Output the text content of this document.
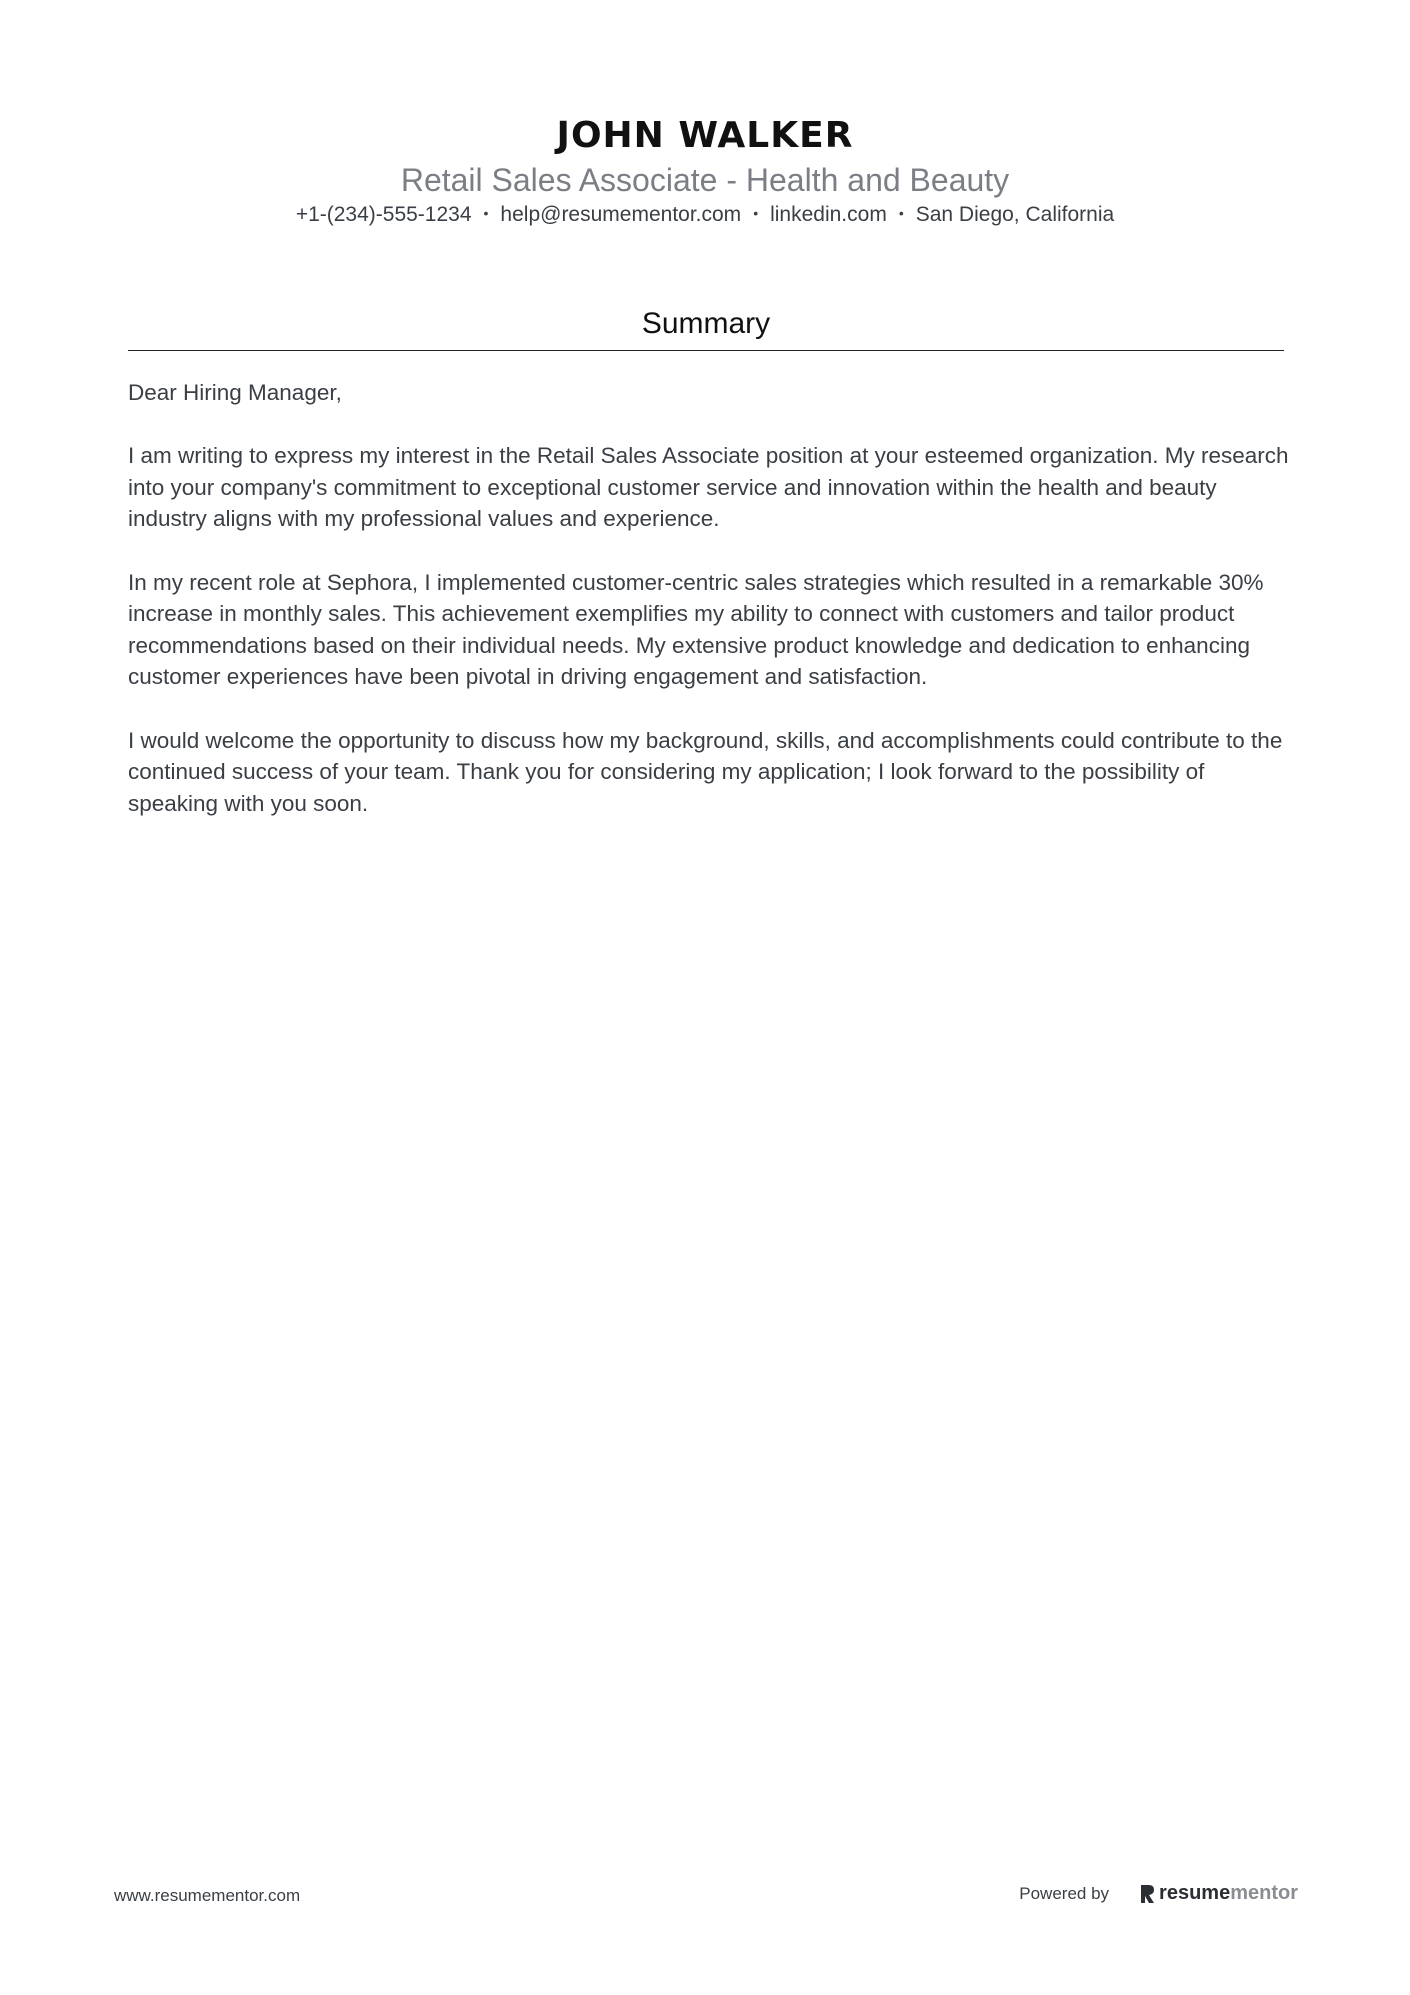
JOHN WALKER
Retail Sales Associate - Health and Beauty
+1-(234)-555-1234 • help@resumementor.com • linkedin.com • San Diego, California
Summary

Dear Hiring Manager,

I am writing to express my interest in the Retail Sales Associate position at your esteemed organization. My research into your company's commitment to exceptional customer service and innovation within the health and beauty industry aligns with my professional values and experience.

In my recent role at Sephora, I implemented customer-centric sales strategies which resulted in a remarkable 30% increase in monthly sales. This achievement exemplifies my ability to connect with customers and tailor product recommendations based on their individual needs. My extensive product knowledge and dedication to enhancing customer experiences have been pivotal in driving engagement and satisfaction.

I would welcome the opportunity to discuss how my background, skills, and accomplishments could contribute to the continued success of your team. Thank you for considering my application; I look forward to the possibility of speaking with you soon.

www.resumementor.com	Powered by	resume mentor
